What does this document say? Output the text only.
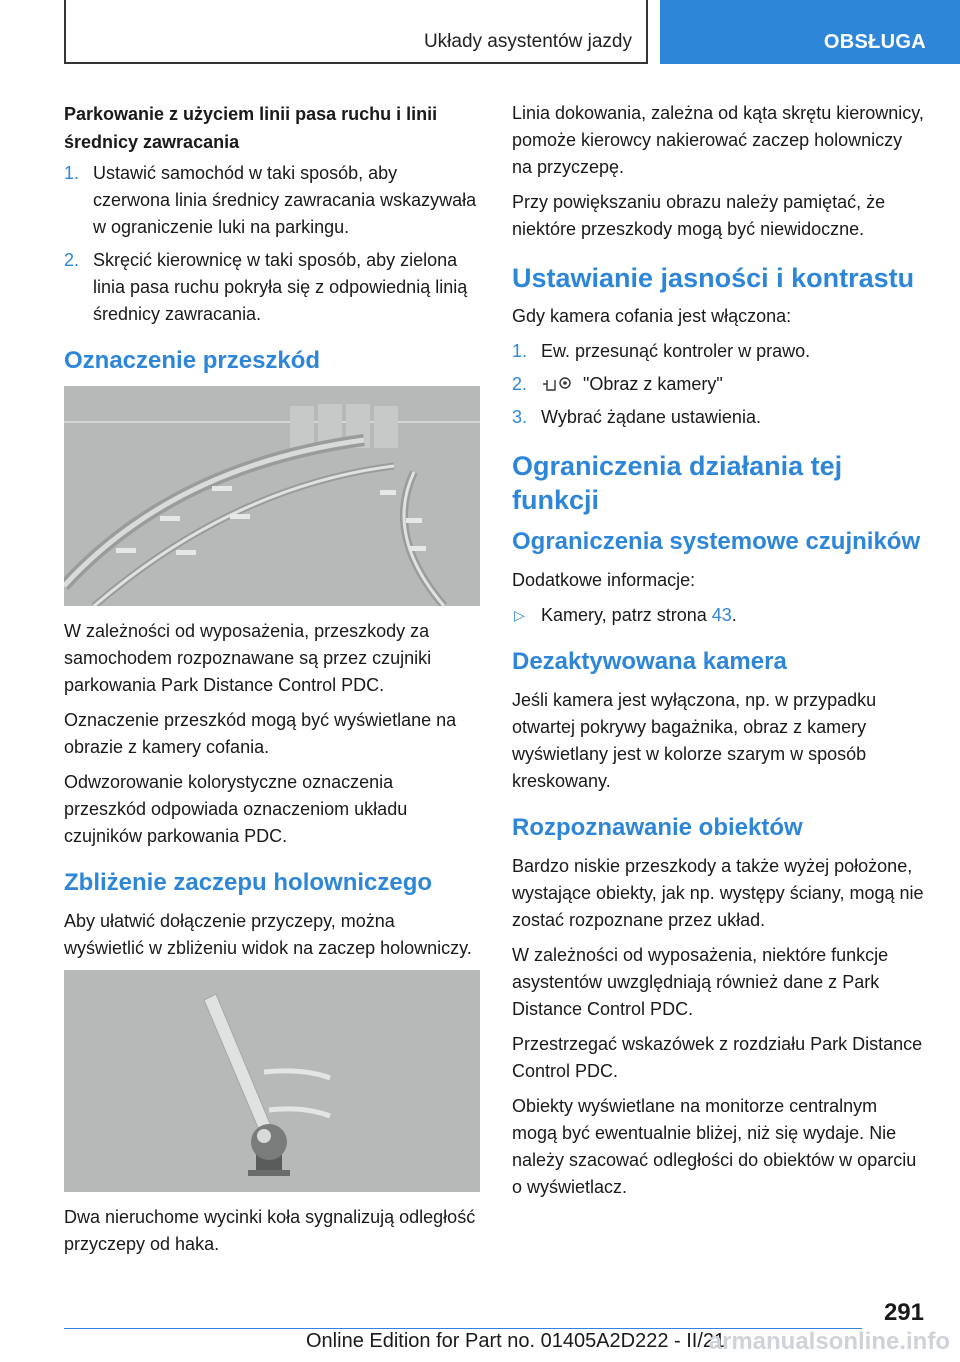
Układy asystentów jazdy	OBSŁUGA
Parkowanie z użyciem linii pasa ruchu i linii średnicy zawracania
1. Ustawić samochód w taki sposób, aby czerwona linia średnicy zawracania wskazywała w ograniczenie luki na parkingu.
2. Skręcić kierownicę w taki sposób, aby zielona linia pasa ruchu pokryła się z odpowiednią linią średnicy zawracania.
Oznaczenie przeszkód

W zależności od wyposażenia, przeszkody za samochodem rozpoznawane są przez czujniki parkowania Park Distance Control PDC.

Oznaczenie przeszkód mogą być wyświetlane na obrazie z kamery cofania.

Odwzorowanie kolorystyczne oznaczenia przeszkód odpowiada oznaczeniom układu czujników parkowania PDC.

Zbliżenie zaczepu holowniczego

Aby ułatwić dołączenie przyczepy, można wyświetlić w zbliżeniu widok na zaczep holowniczy.

Dwa nieruchome wycinki koła sygnalizują odległość przyczepy od haka.

Linia dokowania, zależna od kąta skrętu kierownicy, pomoże kierowcy nakierować zaczep holowniczy na przyczepę.

Przy powiększaniu obrazu należy pamiętać, że niektóre przeszkody mogą być niewidoczne.

Ustawianie jasności i kontrastu

Gdy kamera cofania jest włączona:

1. Ew. przesunąć kontroler w prawo.
2.	"Obraz z kamery"
3. Wybrać żądane ustawienia.
Ograniczenia działania tej funkcji
Ograniczenia systemowe czujników

Dodatkowe informacje:

▷ Kamery, patrz strona 43.
Dezaktywowana kamera

Jeśli kamera jest wyłączona, np. w przypadku otwartej pokrywy bagażnika, obraz z kamery wyświetlany jest w kolorze szarym w sposób kreskowany.

Rozpoznawanie obiektów

Bardzo niskie przeszkody a także wyżej położone, wystające obiekty, jak np. występy ściany, mogą nie zostać rozpoznane przez układ.

W zależności od wyposażenia, niektóre funkcje asystentów uwzględniają również dane z Park Distance Control PDC.

Przestrzegać wskazówek z rozdziału Park Distance Control PDC.

Obiekty wyświetlane na monitorze centralnym mogą być ewentualnie bliżej, niż się wydaje. Nie należy szacować odległości do obiektów w oparciu o wyświetlacz.

291
Online Edition for Part no. 01405A2D222 - II/21
armanualsonline.info
